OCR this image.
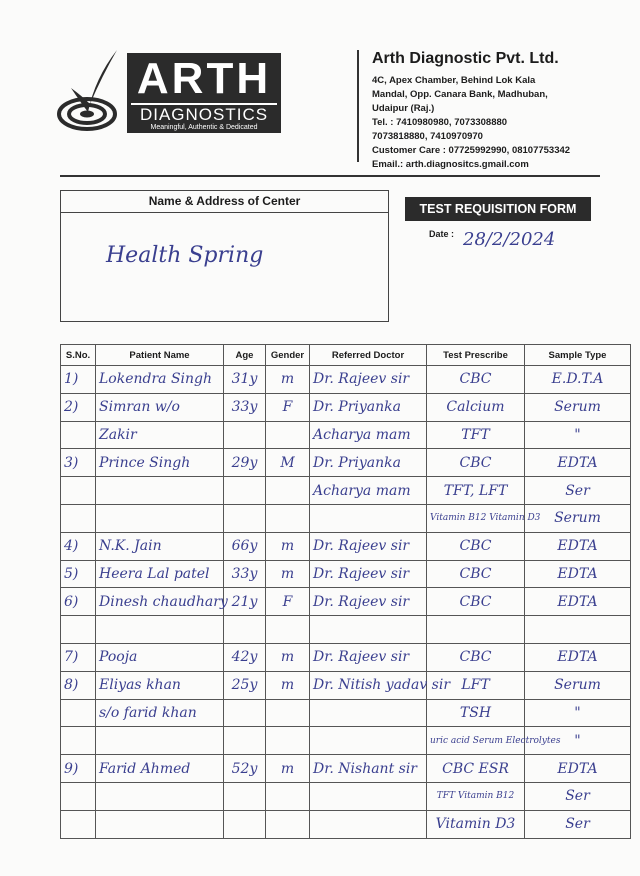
ARTH
DIAGNOSTICS
Meaningful, Authentic & Dedicated
Arth Diagnostic Pvt. Ltd.
4C, Apex Chamber, Behind Lok Kala
Mandal, Opp. Canara Bank, Madhuban,
Udaipur (Raj.)
Tel. : 7410980980, 7073308880
7073818880, 7410970970
Customer Care : 07725992990, 08107753342
Email.: arth.diagnositcs.gmail.com
Name & Address of Center
Health Spring
TEST REQUISITION FORM
Date : 28/2/2024
S.No.	Patient Name	Age	Gender	Referred Doctor	Test Prescribe	Sample Type
1)	Lokendra Singh	31y	m	Dr. Rajeev sir	CBC	E.D.T.A
2)	Simran w/o	33y	F	Dr. Priyanka	Calcium	Serum
	Zakir			Acharya mam	TFT	"
3)	Prince Singh	29y	M	Dr. Priyanka	CBC	EDTA
				Acharya mam	TFT, LFT	Ser
					Vitamin B12 Vitamin D3	Serum
4)	N.K. Jain	66y	m	Dr. Rajeev sir	CBC	EDTA
5)	Heera Lal patel	33y	m	Dr. Rajeev sir	CBC	EDTA
6)	Dinesh chaudhary	21y	F	Dr. Rajeev sir	CBC	EDTA

7)	Pooja	42y	m	Dr. Rajeev sir	CBC	EDTA
8)	Eliyas khan	25y	m	Dr. Nitish yadav sir	LFT	Serum
	s/o farid khan				TSH	"
					uric acid Serum Electrolytes	"
9)	Farid Ahmed	52y	m	Dr. Nishant sir	CBC ESR	EDTA
					TFT Vitamin B12	Ser
					Vitamin D3	Ser
